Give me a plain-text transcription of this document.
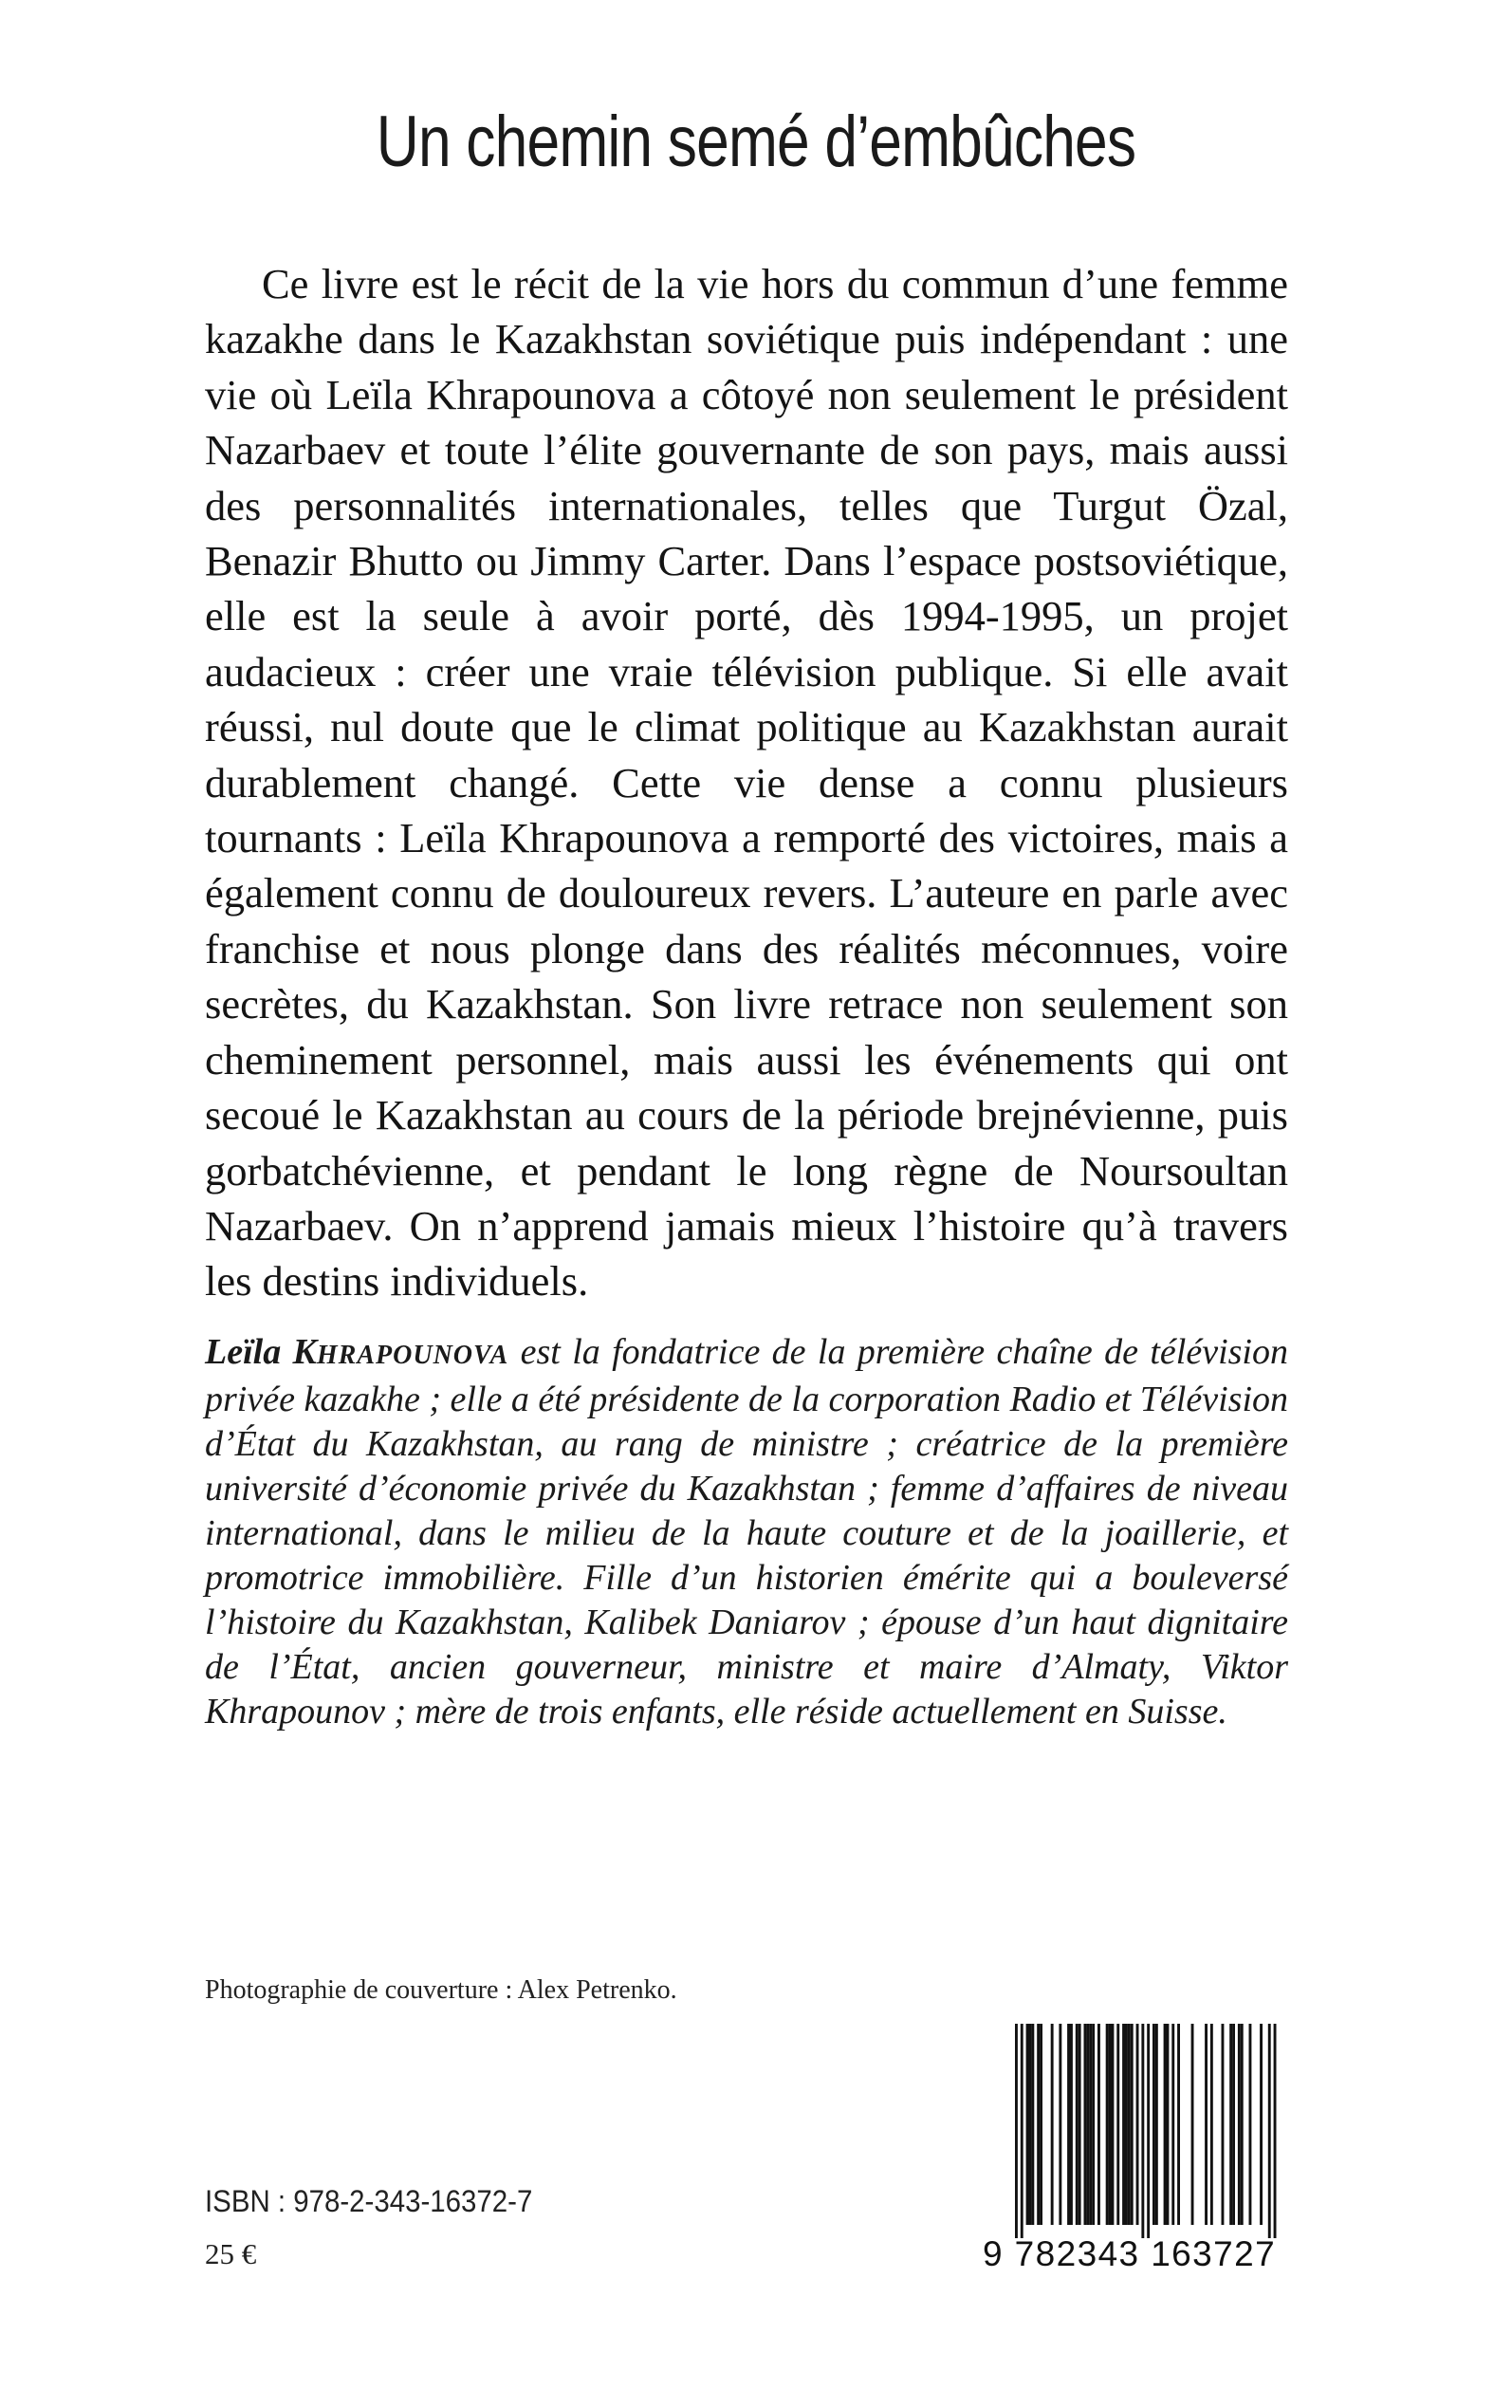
Un chemin semé d’embûches

Ce livre est le récit de la vie hors du commun d’une femme kazakhe dans le Kazakhstan soviétique puis indépendant : une vie où Leïla Khrapounova a côtoyé non seulement le président Nazarbaev et toute l’élite gouvernante de son pays, mais aussi des personnalités internationales, telles que Turgut Özal, Benazir Bhutto ou Jimmy Carter. Dans l’espace postsoviétique, elle est la seule à avoir porté, dès 1994-1995, un projet audacieux : créer une vraie télévision publique. Si elle avait réussi, nul doute que le climat politique au Kazakhstan aurait durablement changé. Cette vie dense a connu plusieurs tournants : Leïla Khrapounova a remporté des victoires, mais a également connu de douloureux revers. L’auteure en parle avec franchise et nous plonge dans des réalités méconnues, voire secrètes, du Kazakhstan. Son livre retrace non seulement son cheminement personnel, mais aussi les événements qui ont secoué le Kazakhstan au cours de la période brejnévienne, puis gorbatchévienne, et pendant le long règne de Noursoultan Nazarbaev. On n’apprend jamais mieux l’histoire qu’à travers les destins individuels.

Leïla KHRAPOUNOVA est la fondatrice de la première chaîne de télévision privée kazakhe ; elle a été présidente de la corporation Radio et Télévision d’État du Kazakhstan, au rang de ministre ; créatrice de la première université d’économie privée du Kazakhstan ; femme d’affaires de niveau international, dans le milieu de la haute couture et de la joaillerie, et promotrice immobilière. Fille d’un historien émérite qui a bouleversé l’histoire du Kazakhstan, Kalibek Daniarov ; épouse d’un haut dignitaire de l’État, ancien gouverneur, ministre et maire d’Almaty, Viktor Khrapounov ; mère de trois enfants, elle réside actuellement en Suisse.

Photographie de couverture : Alex Petrenko.
ISBN : 978-2-343-16372-7
25 €	9 782343 163727
